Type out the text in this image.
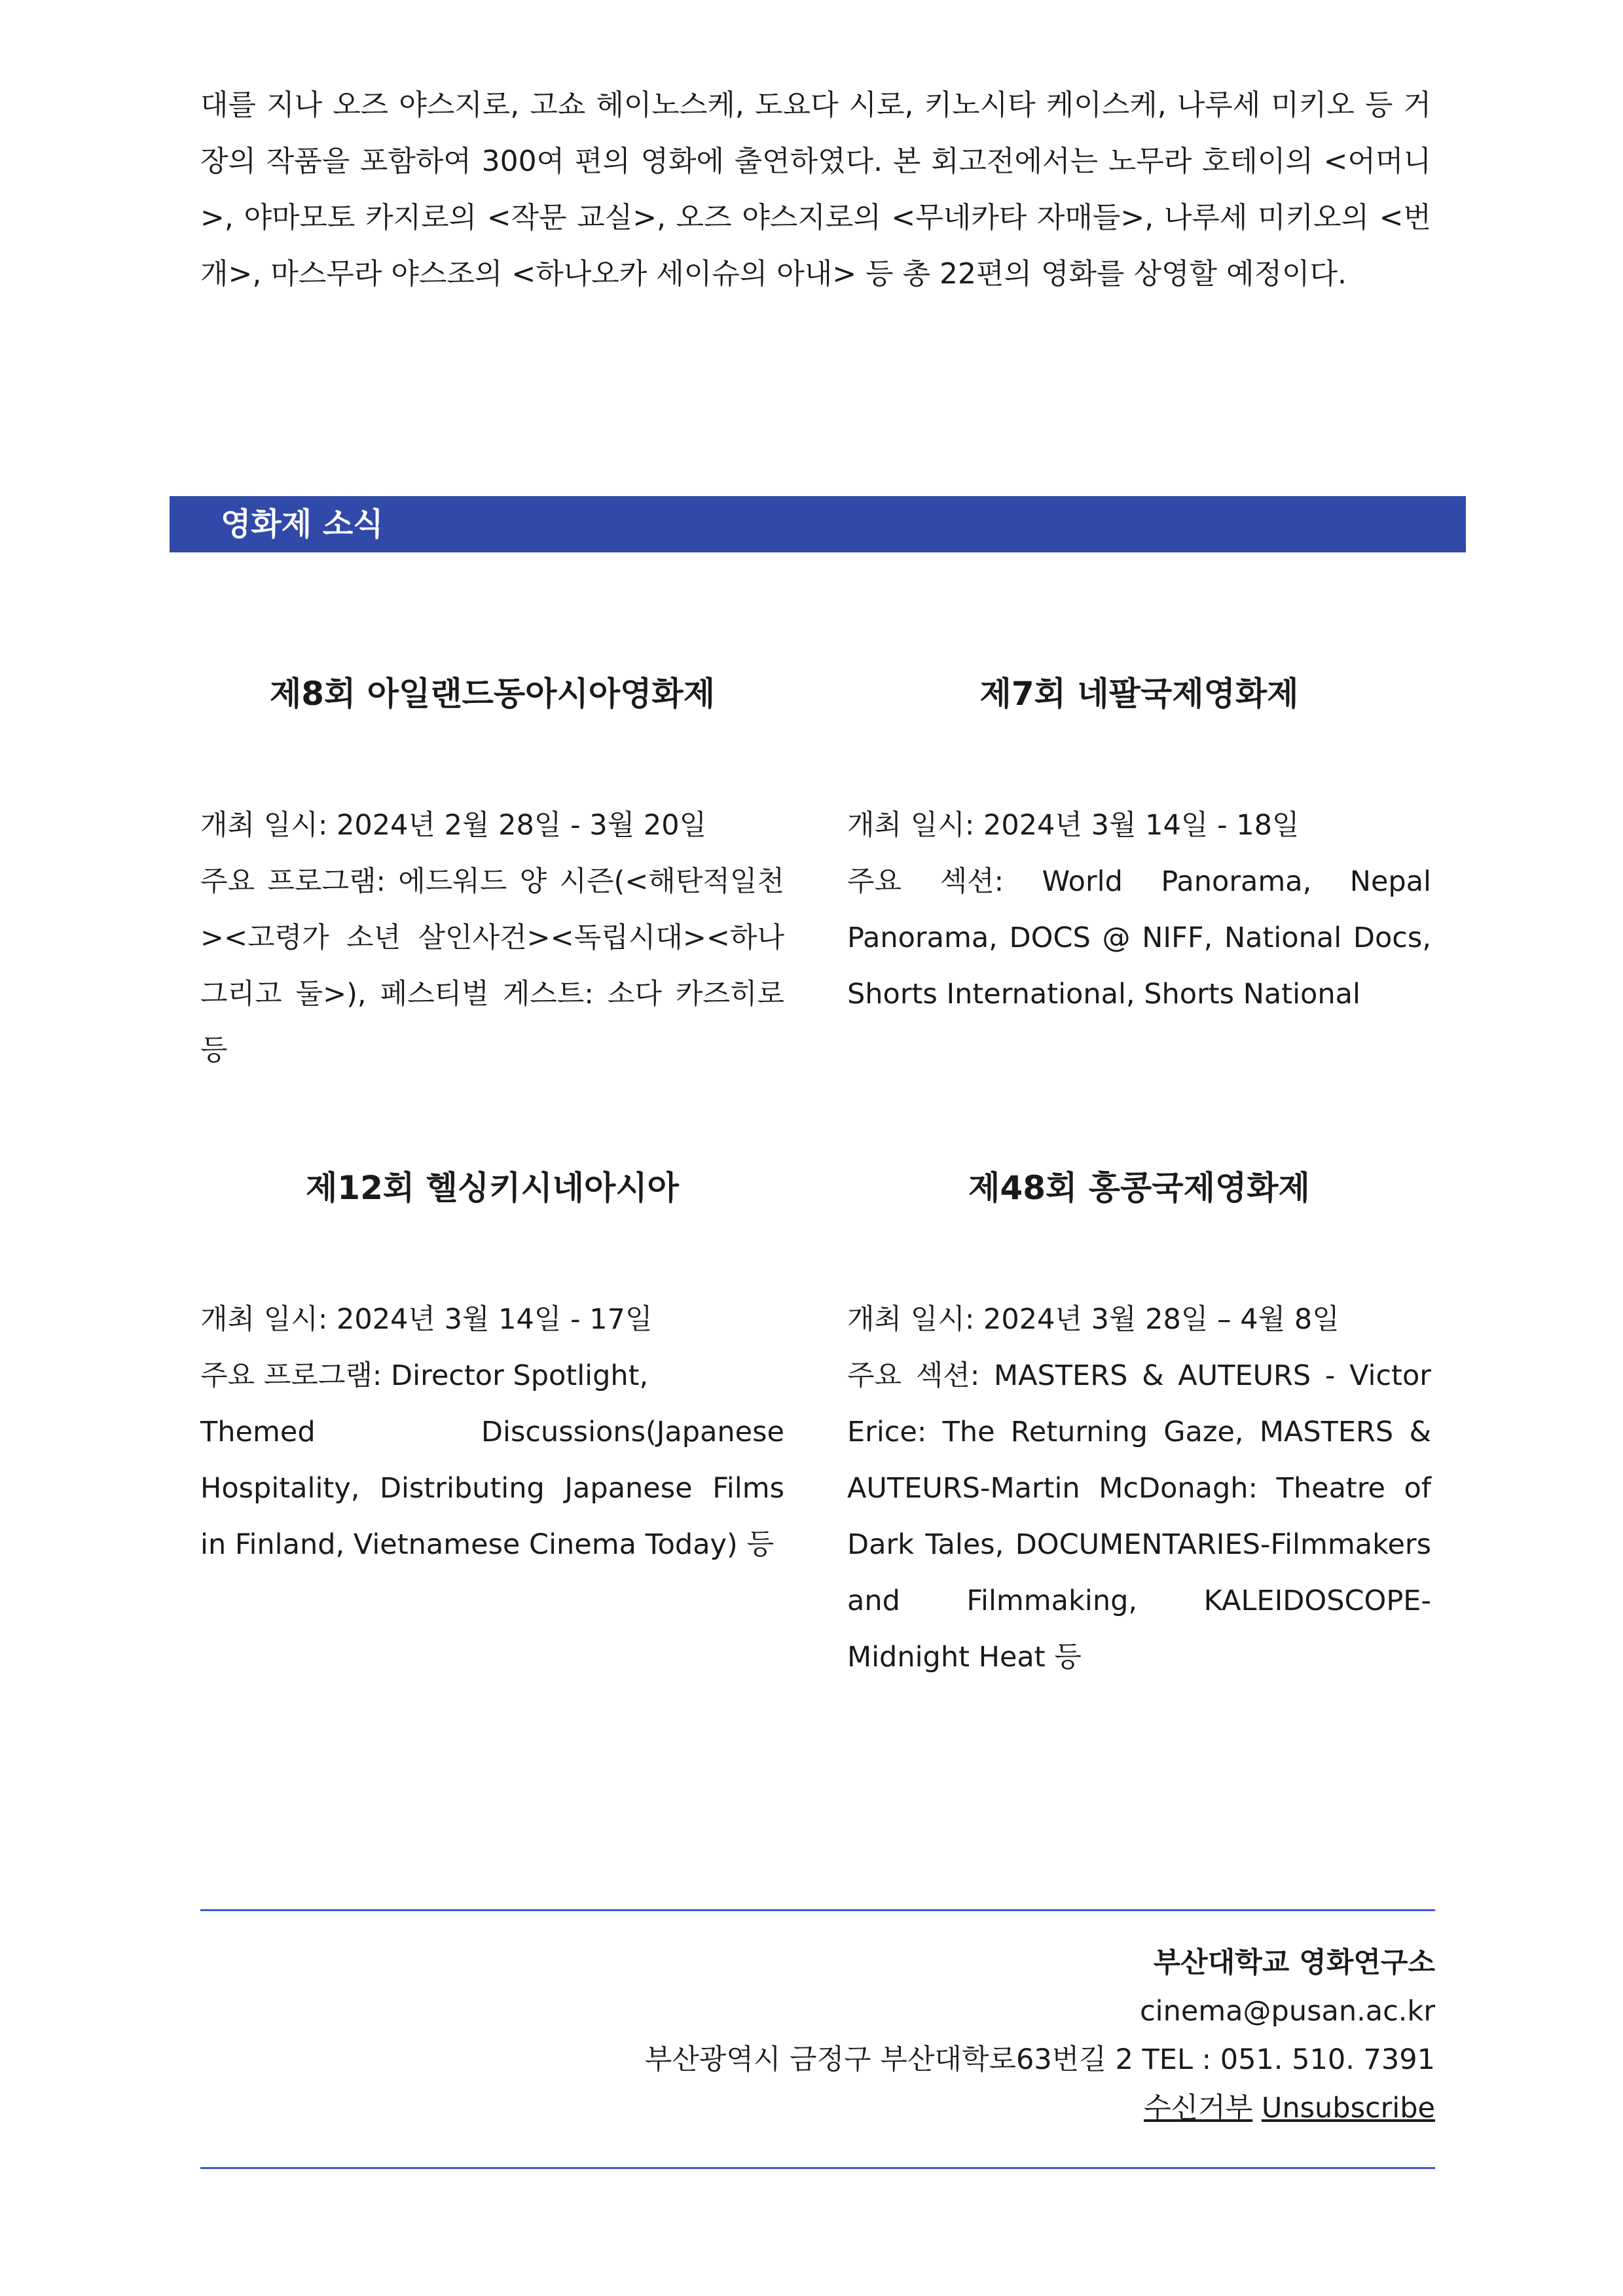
대를 지나 오즈 야스지로, 고쇼 헤이노스케, 도요다 시로, 키노시타 케이스케, 나루세 미키오 등 거장의 작품을 포함하여 300여 편의 영화에 출연하였다. 본 회고전에서는 노무라 호테이의 <어머니>, 야마모토 카지로의 <작문 교실>, 오즈 야스지로의 <무네카타 자매들>, 나루세 미키오의 <번개>, 마스무라 야스조의 <하나오카 세이슈의 아내> 등 총 22편의 영화를 상영할 예정이다.

영화제 소식
제8회 아일랜드동아시아영화제

개최 일시: 2024년 2월 28일 - 3월 20일

주요 프로그램: 에드워드 양 시즌(<해탄적일천><고령가 소년 살인사건><독립시대><하나 그리고 둘>), 페스티벌 게스트: 소다 카즈히로 등

제7회 네팔국제영화제

개최 일시: 2024년 3월 14일 - 18일

주요 섹션: World Panorama, Nepal Panorama, DOCS @ NIFF, National Docs, Shorts International, Shorts National

제12회 헬싱키시네아시아

개최 일시: 2024년 3월 14일 - 17일

주요 프로그램: Director Spotlight,

Themed Discussions(Japanese Hospitality, Distributing Japanese Films in Finland, Vietnamese Cinema Today) 등

제48회 홍콩국제영화제

개최 일시: 2024년 3월 28일 – 4월 8일

주요 섹션: MASTERS & AUTEURS - Victor Erice: The Returning Gaze, MASTERS & AUTEURS-Martin McDonagh: Theatre of Dark Tales, DOCUMENTARIES-Filmmakers and Filmmaking, KALEIDOSCOPE-Midnight Heat 등

부산대학교 영화연구소

cinema@pusan.ac.kr

부산광역시 금정구 부산대학로63번길 2 TEL : 051. 510. 7391

수신거부 Unsubscribe
